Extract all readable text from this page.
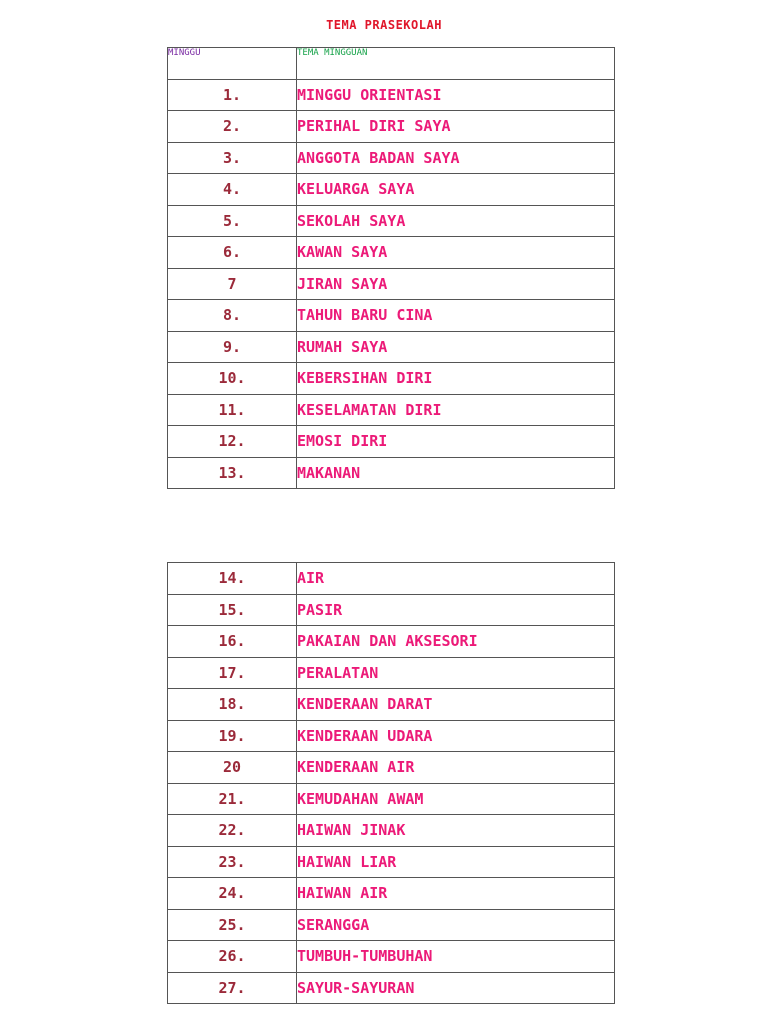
TEMA PRASEKOLAH
MINGGU	TEMA MINGGUAN
1.	MINGGU ORIENTASI
2.	PERIHAL DIRI SAYA
3.	ANGGOTA BADAN SAYA
4.	KELUARGA SAYA
5.	SEKOLAH SAYA
6.	KAWAN SAYA
7	JIRAN SAYA
8.	TAHUN BARU CINA
9.	RUMAH SAYA
10.	KEBERSIHAN DIRI
11.	KESELAMATAN DIRI
12.	EMOSI DIRI
13.	MAKANAN
14.	AIR
15.	PASIR
16.	PAKAIAN DAN AKSESORI
17.	PERALATAN
18.	KENDERAAN DARAT
19.	KENDERAAN UDARA
20	KENDERAAN AIR
21.	KEMUDAHAN AWAM
22.	HAIWAN JINAK
23.	HAIWAN LIAR
24.	HAIWAN AIR
25.	SERANGGA
26.	TUMBUH-TUMBUHAN
27.	SAYUR-SAYURAN
